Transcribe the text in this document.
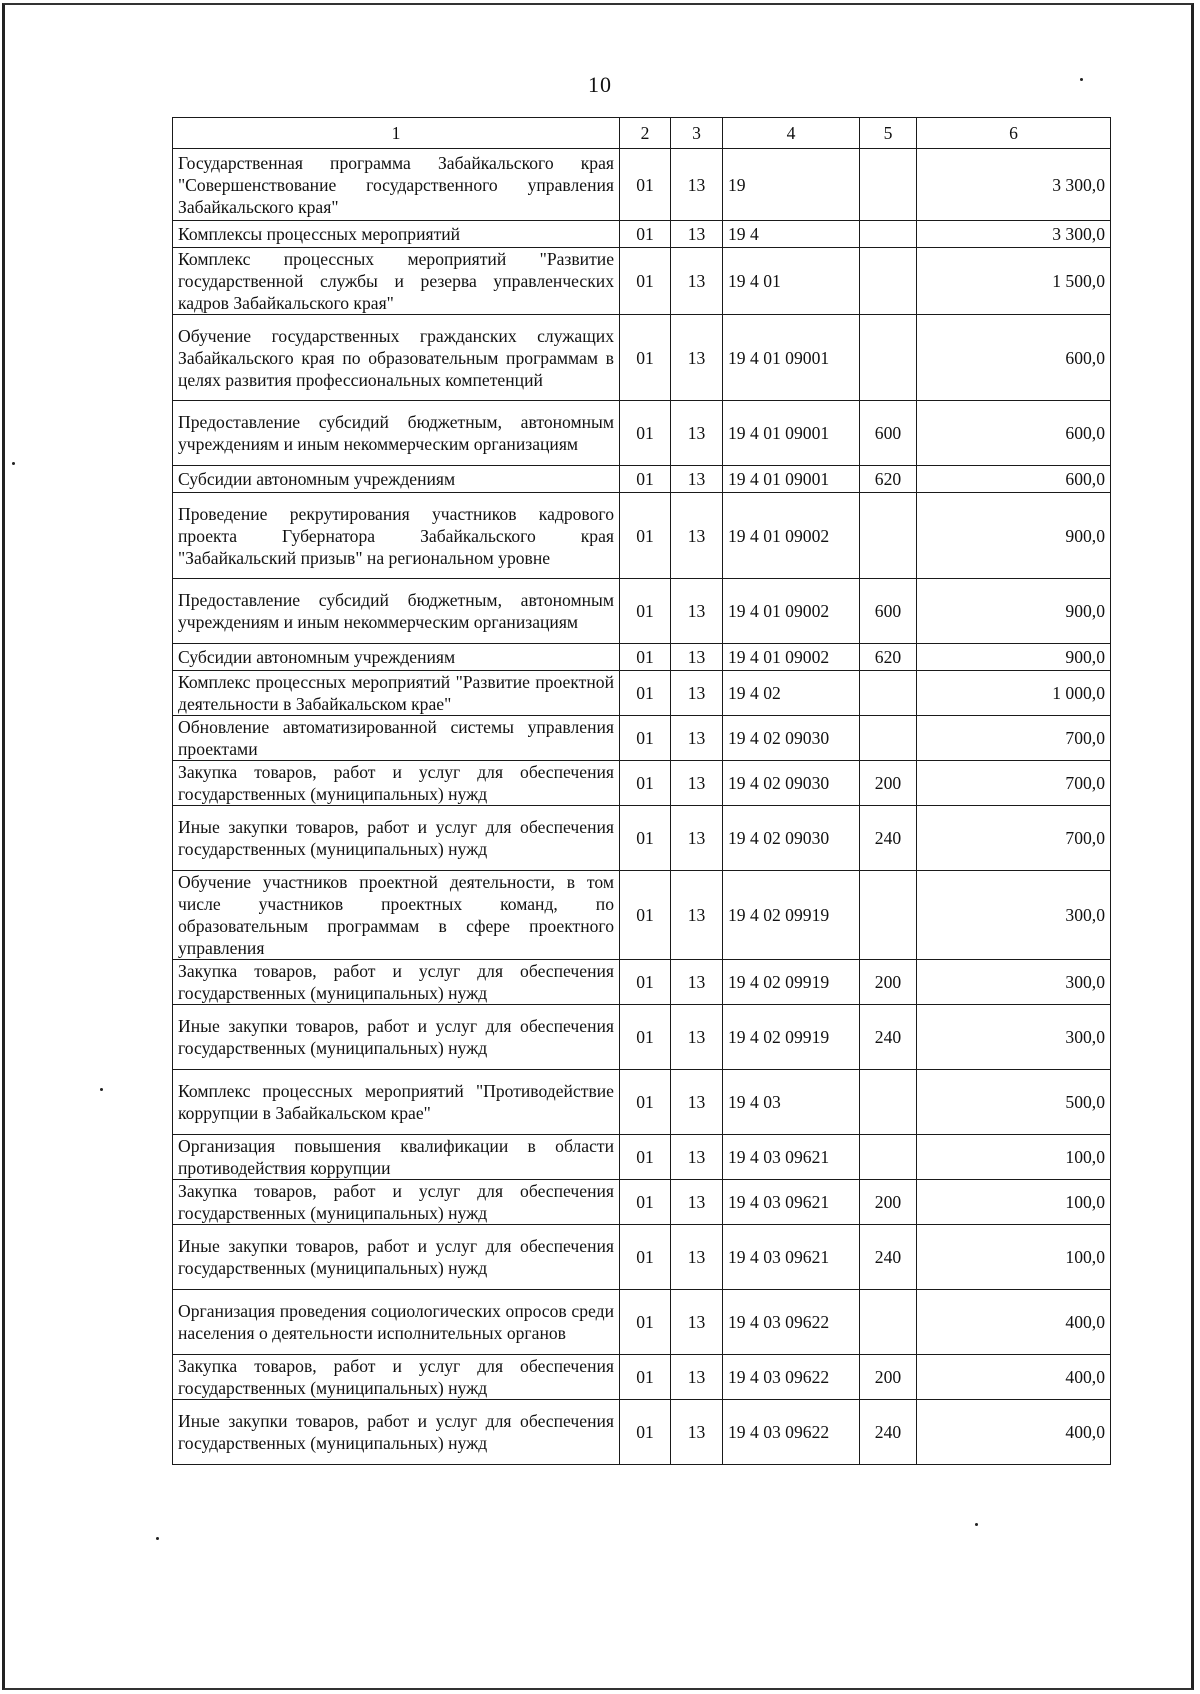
10
1	2	3	4	5	6
Государственная программа Забайкальского края "Совершенствование государственного управления Забайкальского края"	01	13	19		3 300,0
Комплексы процессных мероприятий	01	13	19 4		3 300,0
Комплекс процессных мероприятий "Развитие государственной службы и резерва управленческих кадров Забайкальского края"	01	13	19 4 01		1 500,0
Обучение государственных гражданских служащих Забайкальского края по образовательным программам в целях развития профессиональных компетенций	01	13	19 4 01 09001		600,0
Предоставление субсидий бюджетным, автономным учреждениям и иным некоммерческим организациям	01	13	19 4 01 09001	600	600,0
Субсидии автономным учреждениям	01	13	19 4 01 09001	620	600,0
Проведение рекрутирования участников кадрового проекта Губернатора Забайкальского края "Забайкальский призыв" на региональном уровне	01	13	19 4 01 09002		900,0
Предоставление субсидий бюджетным, автономным учреждениям и иным некоммерческим организациям	01	13	19 4 01 09002	600	900,0
Субсидии автономным учреждениям	01	13	19 4 01 09002	620	900,0
Комплекс процессных мероприятий "Развитие проектной деятельности в Забайкальском крае"	01	13	19 4 02		1 000,0
Обновление автоматизированной системы управления проектами	01	13	19 4 02 09030		700,0
Закупка товаров, работ и услуг для обеспечения государственных (муниципальных) нужд	01	13	19 4 02 09030	200	700,0
Иные закупки товаров, работ и услуг для обеспечения государственных (муниципальных) нужд	01	13	19 4 02 09030	240	700,0
Обучение участников проектной деятельности, в том числе участников проектных команд, по образовательным программам в сфере проектного управления	01	13	19 4 02 09919		300,0
Закупка товаров, работ и услуг для обеспечения государственных (муниципальных) нужд	01	13	19 4 02 09919	200	300,0
Иные закупки товаров, работ и услуг для обеспечения государственных (муниципальных) нужд	01	13	19 4 02 09919	240	300,0
Комплекс процессных мероприятий "Противодействие коррупции в Забайкальском крае"	01	13	19 4 03		500,0
Организация повышения квалификации в области противодействия коррупции	01	13	19 4 03 09621		100,0
Закупка товаров, работ и услуг для обеспечения государственных (муниципальных) нужд	01	13	19 4 03 09621	200	100,0
Иные закупки товаров, работ и услуг для обеспечения государственных (муниципальных) нужд	01	13	19 4 03 09621	240	100,0
Организация проведения социологических опросов среди населения о деятельности исполнительных органов	01	13	19 4 03 09622		400,0
Закупка товаров, работ и услуг для обеспечения государственных (муниципальных) нужд	01	13	19 4 03 09622	200	400,0
Иные закупки товаров, работ и услуг для обеспечения государственных (муниципальных) нужд	01	13	19 4 03 09622	240	400,0
